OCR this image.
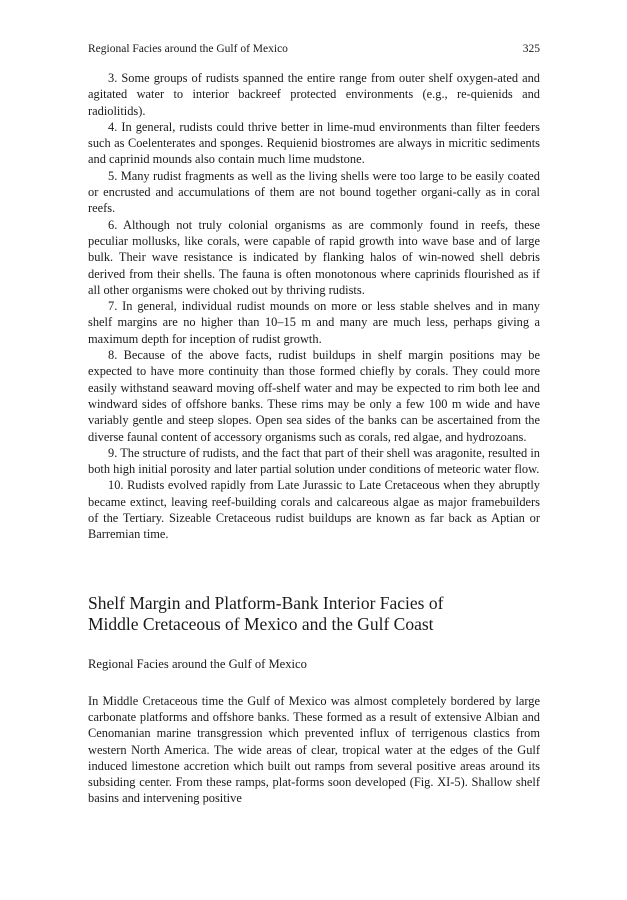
Regional Facies around the Gulf of Mexico	325

3. Some groups of rudists spanned the entire range from outer shelf oxygen-ated and agitated water to interior backreef protected environments (e.g., re-quienids and radiolitids).

4. In general, rudists could thrive better in lime-mud environments than filter feeders such as Coelenterates and sponges. Requienid biostromes are always in micritic sediments and caprinid mounds also contain much lime mudstone.

5. Many rudist fragments as well as the living shells were too large to be easily coated or encrusted and accumulations of them are not bound together organi-cally as in coral reefs.

6. Although not truly colonial organisms as are commonly found in reefs, these peculiar mollusks, like corals, were capable of rapid growth into wave base and of large bulk. Their wave resistance is indicated by flanking halos of win-nowed shell debris derived from their shells. The fauna is often monotonous where caprinids flourished as if all other organisms were choked out by thriving rudists.

7. In general, individual rudist mounds on more or less stable shelves and in many shelf margins are no higher than 10–15 m and many are much less, perhaps giving a maximum depth for inception of rudist growth.

8. Because of the above facts, rudist buildups in shelf margin positions may be expected to have more continuity than those formed chiefly by corals. They could more easily withstand seaward moving off-shelf water and may be expected to rim both lee and windward sides of offshore banks. These rims may be only a few 100 m wide and have variably gentle and steep slopes. Open sea sides of the banks can be ascertained from the diverse faunal content of accessory organisms such as corals, red algae, and hydrozoans.

9. The structure of rudists, and the fact that part of their shell was aragonite, resulted in both high initial porosity and later partial solution under conditions of meteoric water flow.

10. Rudists evolved rapidly from Late Jurassic to Late Cretaceous when they abruptly became extinct, leaving reef-building corals and calcareous algae as major framebuilders of the Tertiary. Sizeable Cretaceous rudist buildups are known as far back as Aptian or Barremian time.

Shelf Margin and Platform-Bank Interior Facies of
Middle Cretaceous of Mexico and the Gulf Coast
Regional Facies around the Gulf of Mexico

In Middle Cretaceous time the Gulf of Mexico was almost completely bordered by large carbonate platforms and offshore banks. These formed as a result of extensive Albian and Cenomanian marine transgression which prevented influx of terrigenous clastics from western North America. The wide areas of clear, tropical water at the edges of the Gulf induced limestone accretion which built out ramps from several positive areas around its subsiding center. From these ramps, plat-forms soon developed (Fig. XI-5). Shallow shelf basins and intervening positive
